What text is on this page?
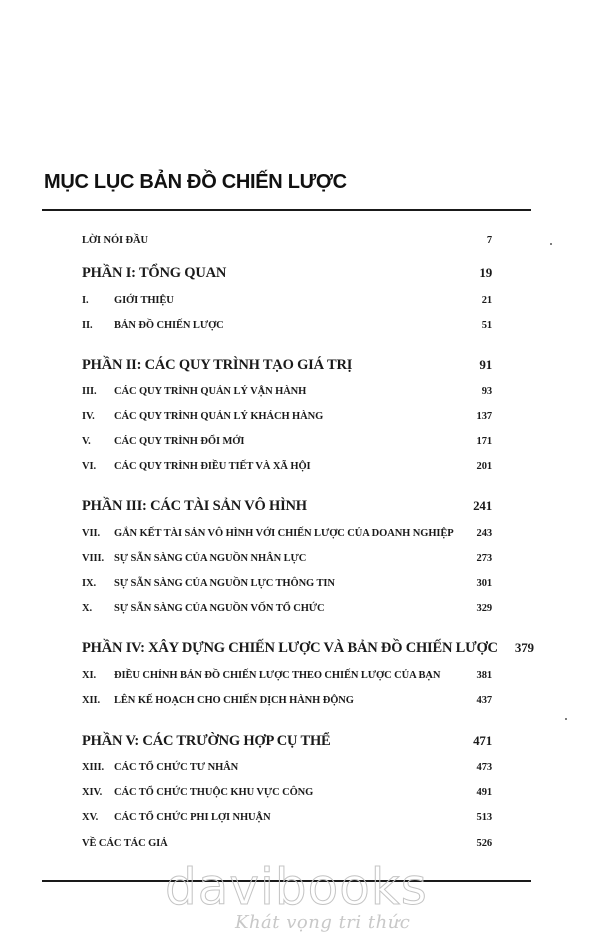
MỤC LỤC BẢN ĐỒ CHIẾN LƯỢC
LỜI NÓI ĐẦU	7
PHẦN I: TỔNG QUAN	19
I.	GIỚI THIỆU	21
II.	BẢN ĐỒ CHIẾN LƯỢC	51
PHẦN II: CÁC QUY TRÌNH TẠO GIÁ TRỊ	91
III.	CÁC QUY TRÌNH QUẢN LÝ VẬN HÀNH	93
IV.	CÁC QUY TRÌNH QUẢN LÝ KHÁCH HÀNG	137
V.	CÁC QUY TRÌNH ĐỔI MỚI	171
VI.	CÁC QUY TRÌNH ĐIỀU TIẾT VÀ XÃ HỘI	201
PHẦN III: CÁC TÀI SẢN VÔ HÌNH	241
VII.	GẮN KẾT TÀI SẢN VÔ HÌNH VỚI CHIẾN LƯỢC CỦA DOANH NGHIỆP	243
VIII. SỰ SẴN SÀNG CỦA NGUỒN NHÂN LỰC	273
IX.	SỰ SẴN SÀNG CỦA NGUỒN LỰC THÔNG TIN	301
X.	SỰ SẴN SÀNG CỦA NGUỒN VỐN TỔ CHỨC	329
PHẦN IV: XÂY DỰNG CHIẾN LƯỢC VÀ BẢN ĐỒ CHIẾN LƯỢC	379
XI.	ĐIỀU CHỈNH BẢN ĐỒ CHIẾN LƯỢC THEO CHIẾN LƯỢC CỦA BẠN	381
XII.	LÊN KẾ HOẠCH CHO CHIẾN DỊCH HÀNH ĐỘNG	437
PHẦN V: CÁC TRƯỜNG HỢP CỤ THỂ	471
XIII. CÁC TỔ CHỨC TƯ NHÂN	473
XIV.	CÁC TỔ CHỨC THUỘC KHU VỰC CÔNG	491
XV.	CÁC TỔ CHỨC PHI LỢI NHUẬN	513
VỀ CÁC TÁC GIẢ	526
davibooks
Khát vọng tri thức
